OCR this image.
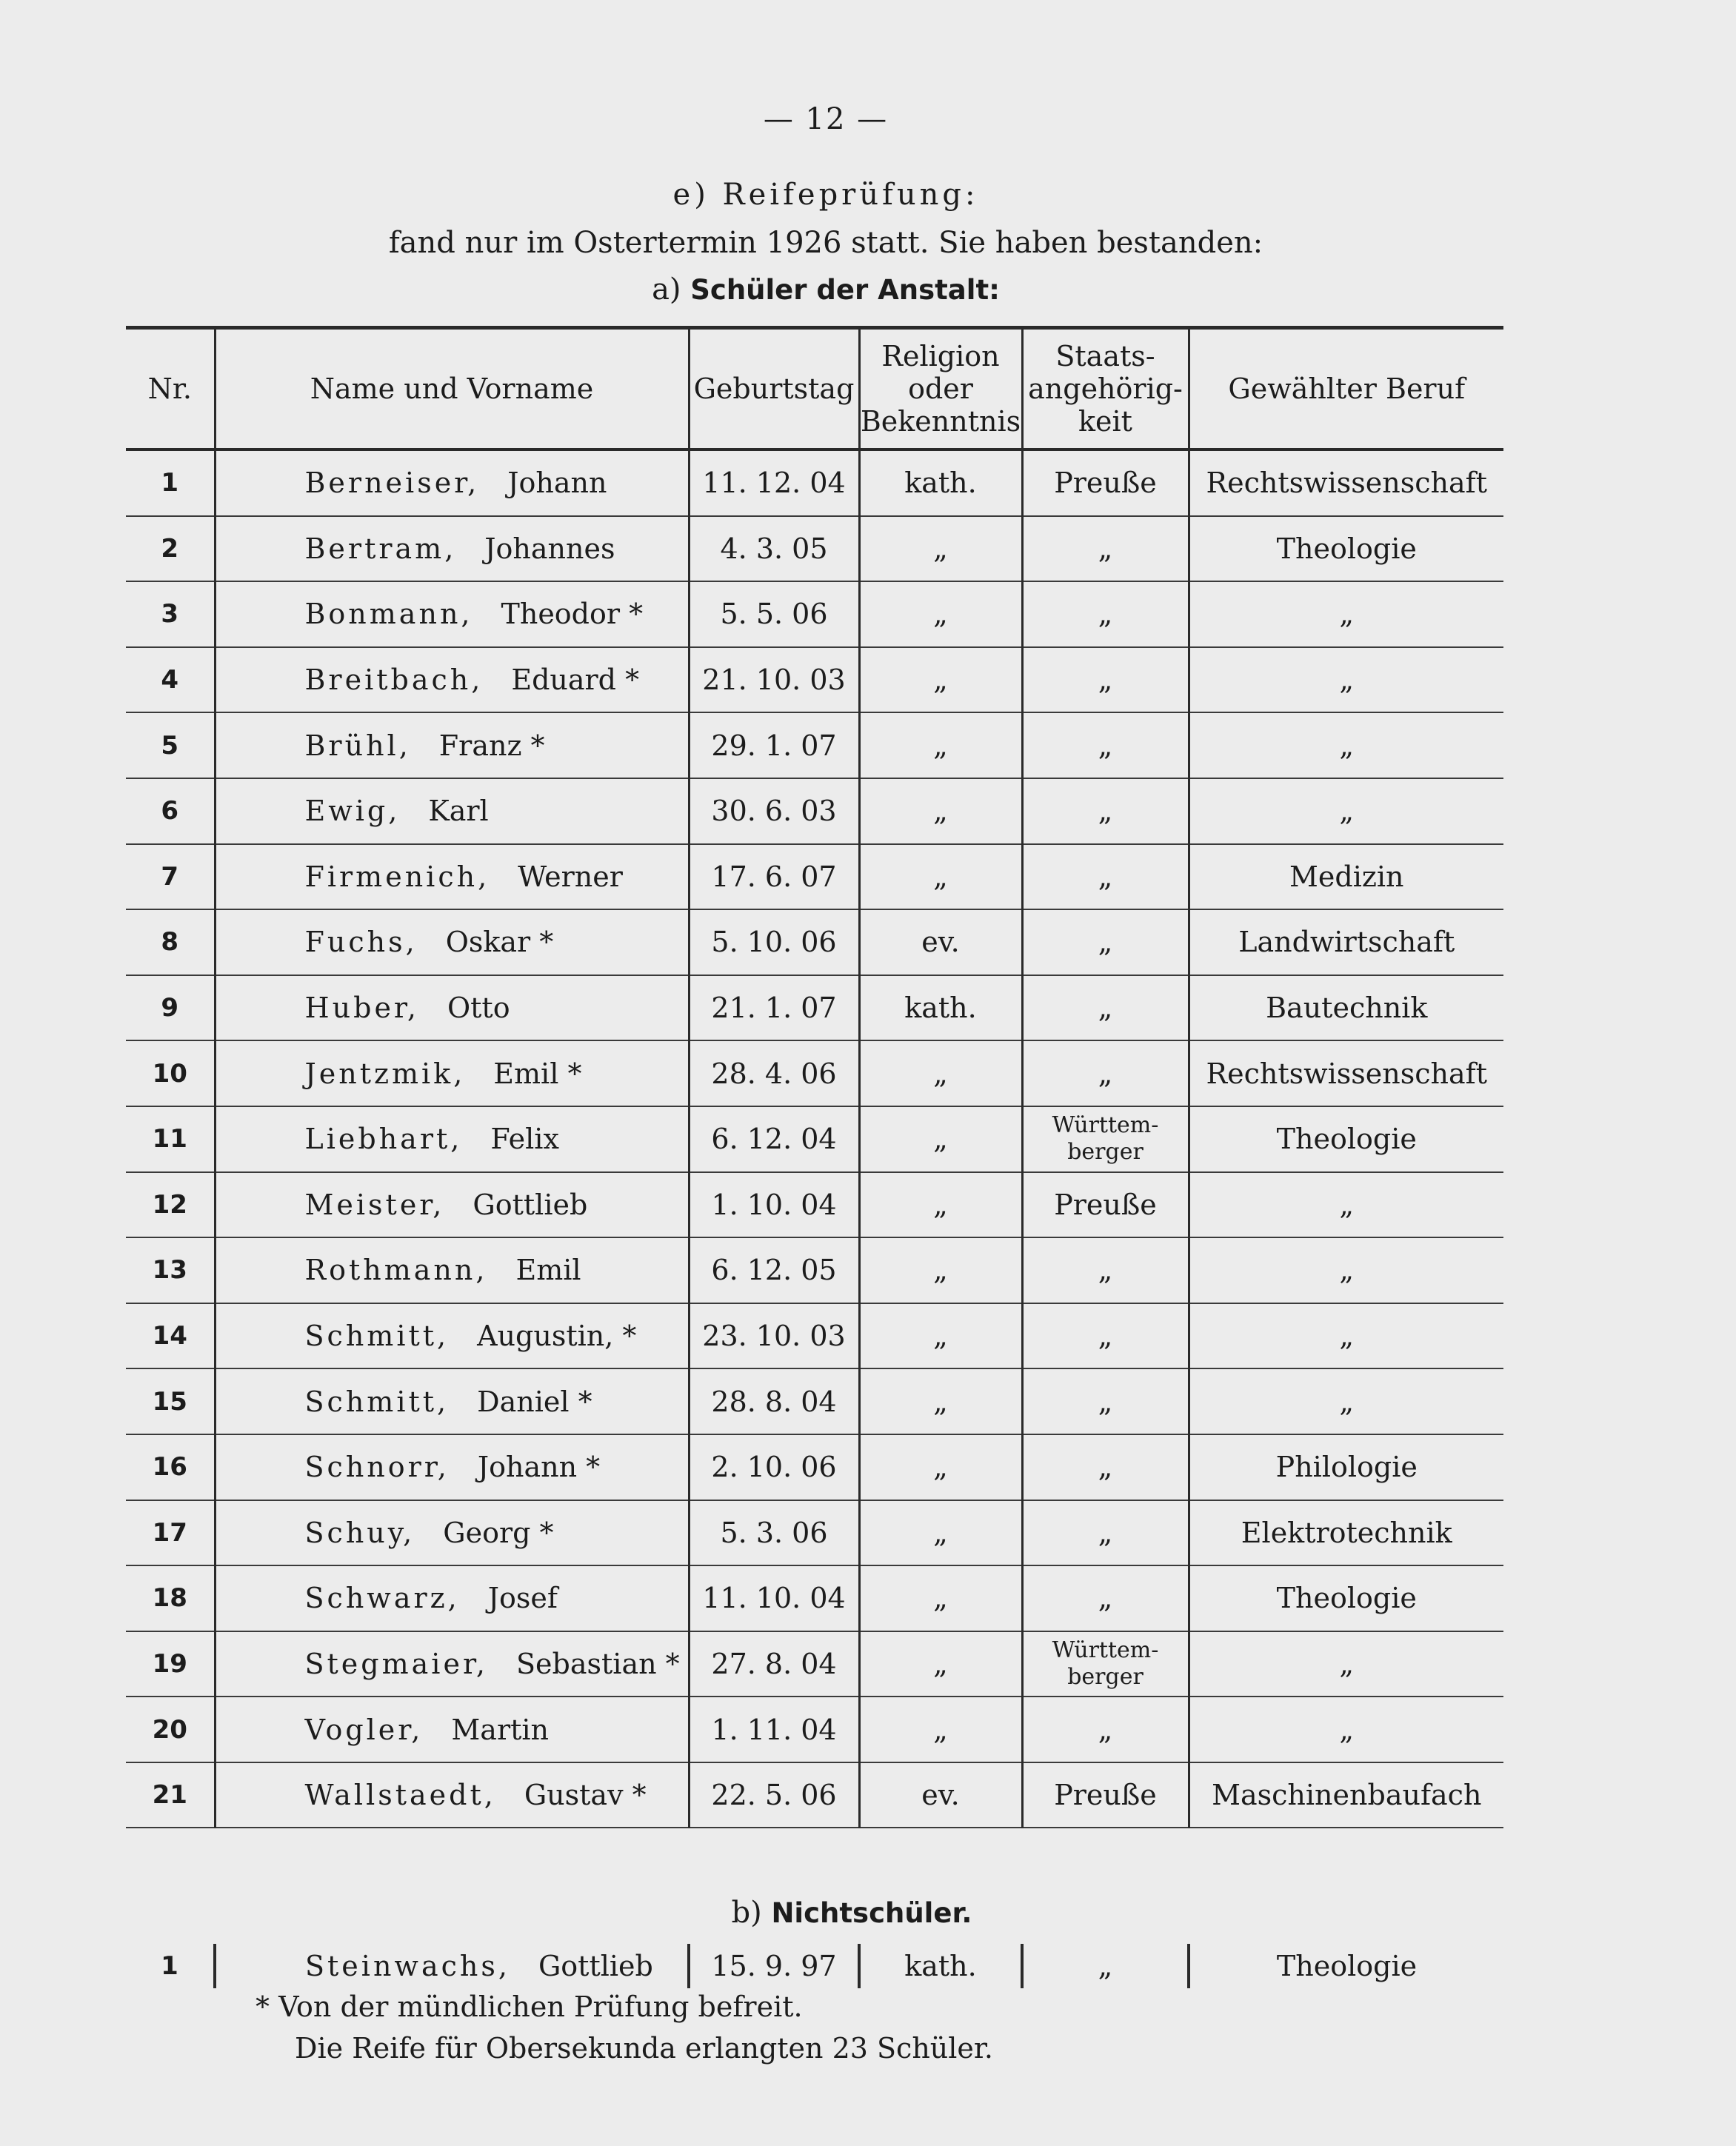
— 12 —
e) Reifeprüfung:
fand nur im Ostertermin 1926 statt. Sie haben bestanden:
a) Schüler der Anstalt:
Nr.	Name und Vorname	Geburtstag	Religion oder Bekenntnis	Staats- angehörig- keit	Gewählter Beruf
1	Berneiser,  Johann	11. 12. 04	kath.	Preuße	Rechtswissenschaft
2	Bertram,  Johannes	4. 3. 05	„	„	Theologie
3	Bonmann,  Theodor *	5. 5. 06	„	„	„
4	Breitbach,  Eduard *	21. 10. 03	„	„	„
5	Brühl,  Franz *	29. 1. 07	„	„	„
6	Ewig,  Karl	30. 6. 03	„	„	„
7	Firmenich,  Werner	17. 6. 07	„	„	Medizin
8	Fuchs,  Oskar *	5. 10. 06	ev.	„	Landwirtschaft
9	Huber,  Otto	21. 1. 07	kath.	„	Bautechnik
10	Jentzmik,  Emil *	28. 4. 06	„	„	Rechtswissenschaft
11	Liebhart,  Felix	6. 12. 04	„	Württem- berger	Theologie
12	Meister,  Gottlieb	1. 10. 04	„	Preuße	„
13	Rothmann,  Emil	6. 12. 05	„	„	„
14	Schmitt,  Augustin, *	23. 10. 03	„	„	„
15	Schmitt,  Daniel *	28. 8. 04	„	„	„
16	Schnorr,  Johann *	2. 10. 06	„	„	Philologie
17	Schuy,  Georg *	5. 3. 06	„	„	Elektrotechnik
18	Schwarz,  Josef	11. 10. 04	„	„	Theologie
19	Stegmaier,  Sebastian *	27. 8. 04	„	Württem- berger	„
20	Vogler,  Martin	1. 11. 04	„	„	„
21	Wallstaedt,  Gustav *	22. 5. 06	ev.	Preuße	Maschinenbaufach
b) Nichtschüler.
1	Steinwachs,  Gottlieb	15. 9. 97	kath.	„	Theologie
* Von der mündlichen Prüfung befreit.
Die Reife für Obersekunda erlangten 23 Schüler.
